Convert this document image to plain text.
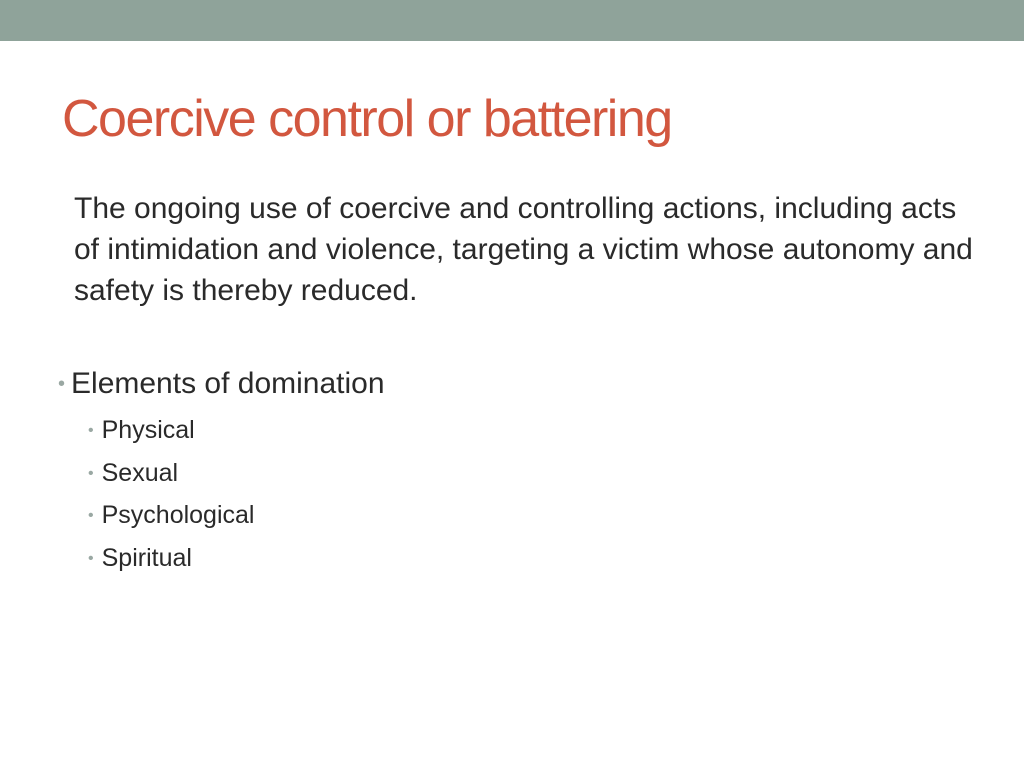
Coercive control or battering

The ongoing use of coercive and controlling actions, including acts of intimidation and violence, targeting a victim whose autonomy and safety is thereby reduced.

• Elements of domination
• Physical
• Sexual
• Psychological
• Spiritual
